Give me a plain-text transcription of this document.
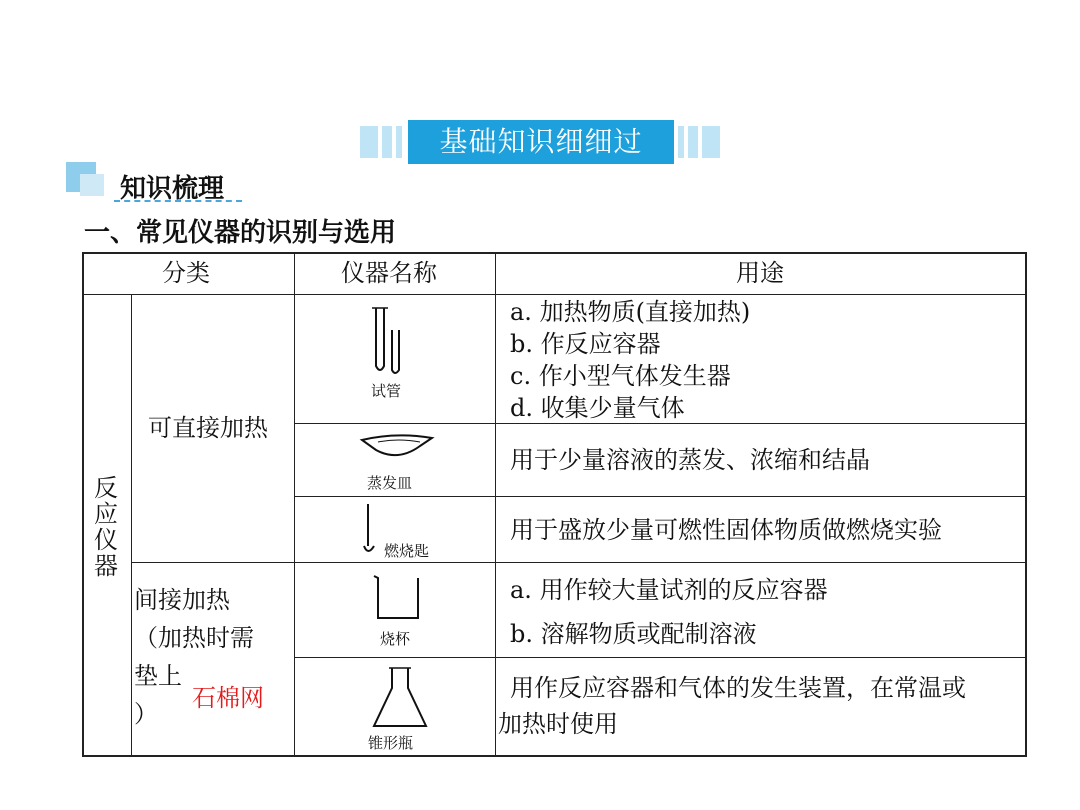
基础知识细细过
知识梳理
一、常见仪器的识别与选用
分类	仪器名称	用途
反
应
仪
器
可直接加热
间接加热
（加热时需
垫上
石棉网
）
试管
a. 加热物质(直接加热)
b. 作反应容器
c. 作小型气体发生器
d. 收集少量气体
蒸发皿
用于少量溶液的蒸发、浓缩和结晶
燃烧匙
用于盛放少量可燃性固体物质做燃烧实验
烧杯
a. 用作较大量试剂的反应容器
b. 溶解物质或配制溶液
锥形瓶
用作反应容器和气体的发生装置，在常温或
加热时使用
